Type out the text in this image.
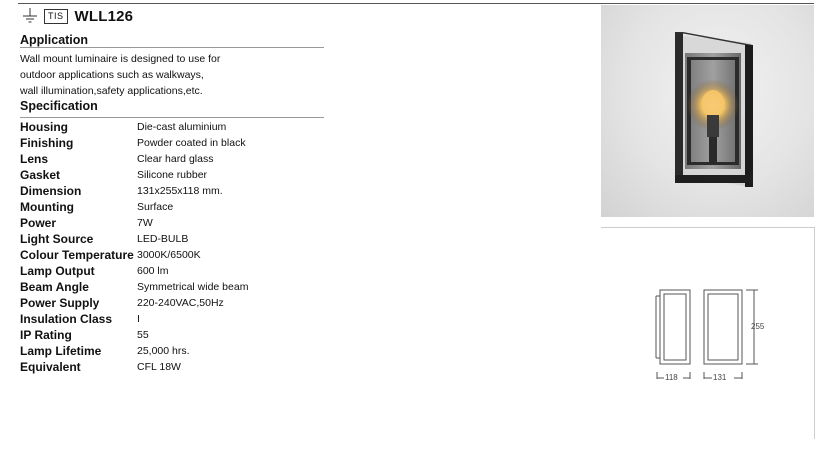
TIS WLL126
Application
Wall mount luminaire is designed to use for
outdoor applications such as walkways,
wall illumination,safety applications,etc.
Specification
Housing	Die-cast aluminium
Finishing	Powder coated in black
Lens	Clear hard glass
Gasket	Silicone rubber
Dimension	131x255x118 mm.
Mounting	Surface
Power	7W
Light Source	LED-BULB
Colour Temperature 3000K/6500K
Lamp Output	600 lm
Beam Angle	Symmetrical wide beam
Power Supply	220-240VAC,50Hz
Insulation Class	I
IP Rating	55
Lamp Lifetime	25,000 hrs.
Equivalent	CFL 18W
118	131
255
